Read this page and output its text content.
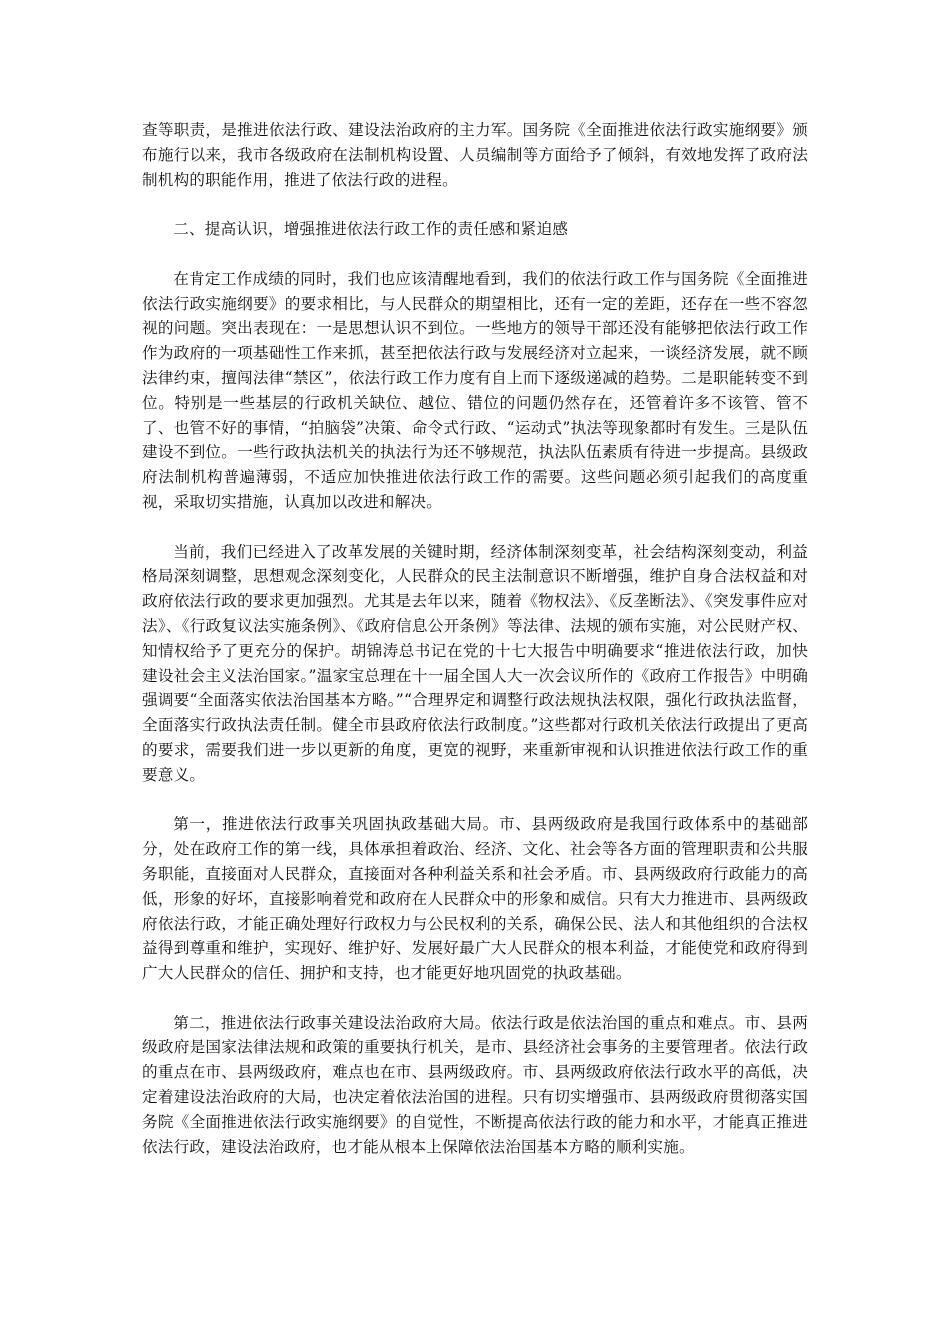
查等职责，是推进依法行政、建设法治政府的主力军。国务院《全面推进依法行政实施纲要》颁布施行以来，我市各级政府在法制机构设置、人员编制等方面给予了倾斜，有效地发挥了政府法制机构的职能作用，推进了依法行政的进程。

二、提高认识，增强推进依法行政工作的责任感和紧迫感

在肯定工作成绩的同时，我们也应该清醒地看到，我们的依法行政工作与国务院《全面推进依法行政实施纲要》的要求相比，与人民群众的期望相比，还有一定的差距，还存在一些不容忽视的问题。突出表现在：一是思想认识不到位。一些地方的领导干部还没有能够把依法行政工作作为政府的一项基础性工作来抓，甚至把依法行政与发展经济对立起来，一谈经济发展，就不顾法律约束，擅闯法律“禁区”，依法行政工作力度有自上而下逐级递减的趋势。二是职能转变不到位。特别是一些基层的行政机关缺位、越位、错位的问题仍然存在，还管着许多不该管、管不了、也管不好的事情，“拍脑袋”决策、命令式行政、“运动式”执法等现象都时有发生。三是队伍建设不到位。一些行政执法机关的执法行为还不够规范，执法队伍素质有待进一步提高。县级政府法制机构普遍薄弱，不适应加快推进依法行政工作的需要。这些问题必须引起我们的高度重视，采取切实措施，认真加以改进和解决。

当前，我们已经进入了改革发展的关键时期，经济体制深刻变革，社会结构深刻变动，利益格局深刻调整，思想观念深刻变化，人民群众的民主法制意识不断增强，维护自身合法权益和对政府依法行政的要求更加强烈。尤其是去年以来，随着《物权法》、《反垄断法》、《突发事件应对法》、《行政复议法实施条例》、《政府信息公开条例》等法律、法规的颁布实施，对公民财产权、知情权给予了更充分的保护。胡锦涛总书记在党的十七大报告中明确要求“推进依法行政，加快建设社会主义法治国家。”温家宝总理在十一届全国人大一次会议所作的《政府工作报告》中明确强调要“全面落实依法治国基本方略。”“合理界定和调整行政法规执法权限，强化行政执法监督，全面落实行政执法责任制。健全市县政府依法行政制度。”这些都对行政机关依法行政提出了更高的要求，需要我们进一步以更新的角度，更宽的视野，来重新审视和认识推进依法行政工作的重要意义。

第一，推进依法行政事关巩固执政基础大局。市、县两级政府是我国行政体系中的基础部分，处在政府工作的第一线，具体承担着政治、经济、文化、社会等各方面的管理职责和公共服务职能，直接面对人民群众，直接面对各种利益关系和社会矛盾。市、县两级政府行政能力的高低，形象的好坏，直接影响着党和政府在人民群众中的形象和威信。只有大力推进市、县两级政府依法行政，才能正确处理好行政权力与公民权利的关系，确保公民、法人和其他组织的合法权益得到尊重和维护，实现好、维护好、发展好最广大人民群众的根本利益，才能使党和政府得到广大人民群众的信任、拥护和支持，也才能更好地巩固党的执政基础。

第二，推进依法行政事关建设法治政府大局。依法行政是依法治国的重点和难点。市、县两级政府是国家法律法规和政策的重要执行机关，是市、县经济社会事务的主要管理者。依法行政的重点在市、县两级政府，难点也在市、县两级政府。市、县两级政府依法行政水平的高低，决定着建设法治政府的大局，也决定着依法治国的进程。只有切实增强市、县两级政府贯彻落实国务院《全面推进依法行政实施纲要》的自觉性，不断提高依法行政的能力和水平，才能真正推进依法行政，建设法治政府，也才能从根本上保障依法治国基本方略的顺利实施。
